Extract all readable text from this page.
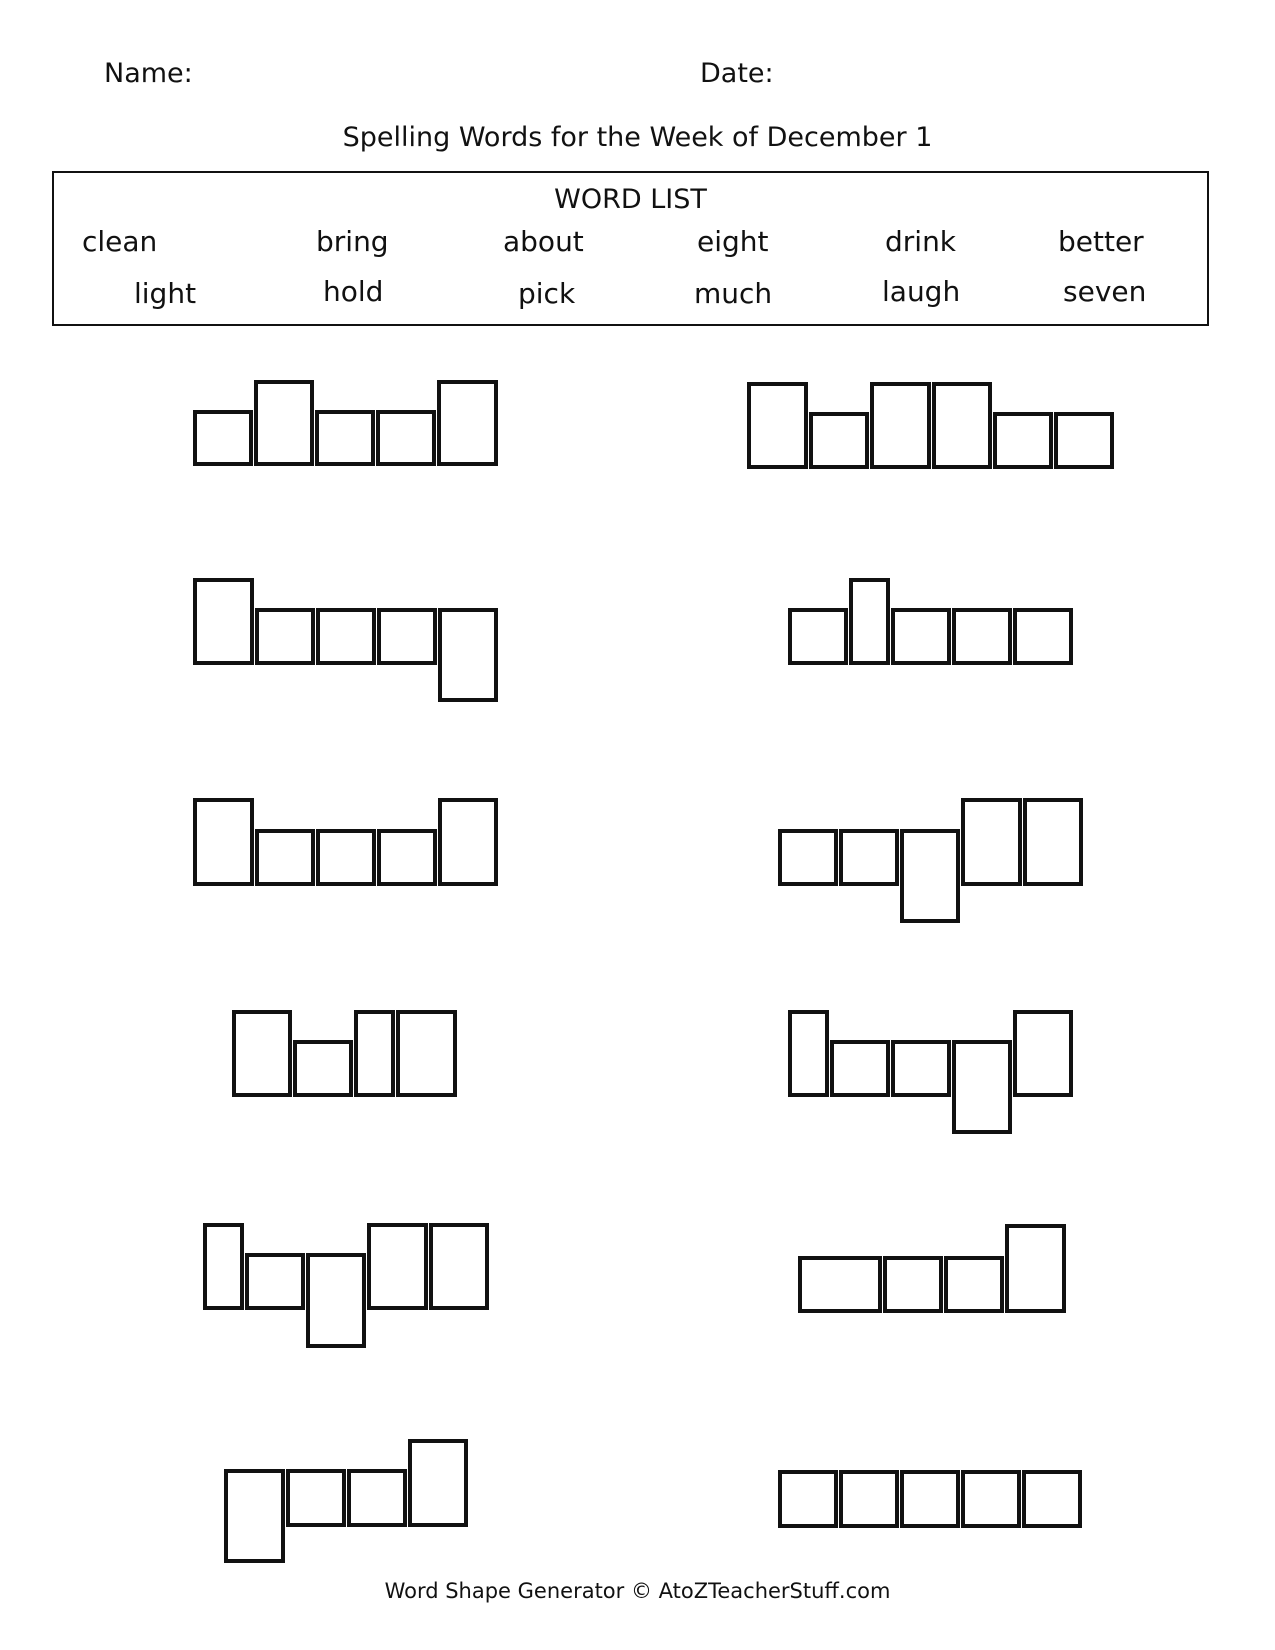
Name:	Date:
Spelling Words for the Week of December 1
WORD LIST
clean	bring	about	eight	drink	better
light	hold	pick	much	laugh	seven
Word Shape Generator © AtoZTeacherStuff.com
